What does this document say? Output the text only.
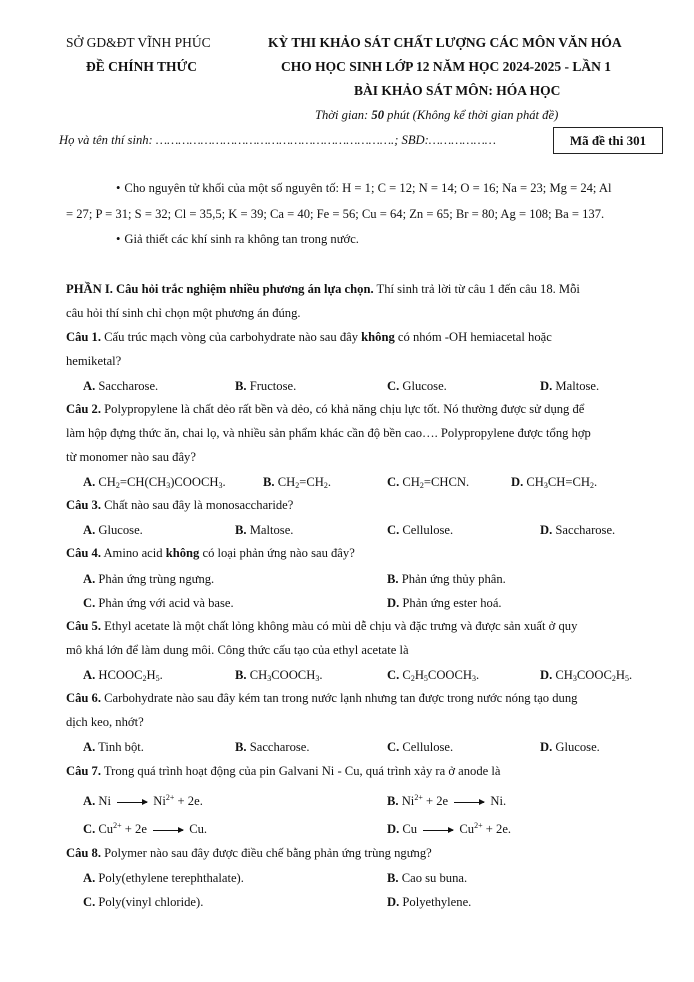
SỞ GD&ĐT VĨNH PHÚC
ĐỀ CHÍNH THỨC
KỲ THI KHẢO SÁT CHẤT LƯỢNG CÁC MÔN VĂN HÓA
CHO HỌC SINH LỚP 12 NĂM HỌC 2024-2025 - LẦN 1
BÀI KHẢO SÁT MÔN: HÓA HỌC
Thời gian: 50 phút (Không kể thời gian phát đề)
Họ và tên thí sinh: ……………………………………………………….; SBD:………………	Mã đề thi 301
• Cho nguyên tử khối của một số nguyên tố: H = 1; C = 12; N = 14; O = 16; Na = 23; Mg = 24; Al
= 27; P = 31; S = 32; Cl = 35,5; K = 39; Ca = 40; Fe = 56; Cu = 64; Zn = 65; Br = 80; Ag = 108; Ba = 137.
• Giả thiết các khí sinh ra không tan trong nước.
PHẦN I. Câu hỏi trắc nghiệm nhiều phương án lựa chọn. Thí sinh trả lời từ câu 1 đến câu 18. Mỗi
câu hỏi thí sinh chỉ chọn một phương án đúng.
Câu 1. Cấu trúc mạch vòng của carbohydrate nào sau đây không có nhóm -OH hemiacetal hoặc
hemiketal?
A. Saccharose.	B. Fructose.	C. Glucose.	D. Maltose.
Câu 2. Polypropylene là chất dẻo rất bền và dẻo, có khả năng chịu lực tốt. Nó thường được sử dụng để
làm hộp đựng thức ăn, chai lọ, và nhiều sản phẩm khác cần độ bền cao…. Polypropylene được tổng hợp
từ monomer nào sau đây?
A. $CH_2=CH(CH_3)COOCH_3$.	B. $CH_2=CH_2$.	C. $CH_2=CHCN$.	D. $CH_3CH=CH_2$.
Câu 3. Chất nào sau đây là monosaccharide?
A. Glucose.	B. Maltose.	C. Cellulose.	D. Saccharose.
Câu 4. Amino acid không có loại phản ứng nào sau đây?
A. Phản ứng trùng ngưng.	B. Phản ứng thủy phân.
C. Phản ứng với acid và base.	D. Phản ứng ester hoá.
Câu 5. Ethyl acetate là một chất lỏng không màu có mùi dễ chịu và đặc trưng và được sản xuất ở quy
mô khá lớn để làm dung môi. Công thức cấu tạo của ethyl acetate là
A. $HCOOC_2H_5$.	B. $CH_3COOCH_3$.	C. $C_2H_5COOCH_3$.	D. $CH_3COOC_2H_5$.
Câu 6. Carbohydrate nào sau đây kém tan trong nước lạnh nhưng tan được trong nước nóng tạo dung
dịch keo, nhớt?
A. Tinh bột.	B. Saccharose.	C. Cellulose.	D. Glucose.
Câu 7. Trong quá trình hoạt động của pin Galvani Ni - Cu, quá trình xảy ra ở anode là
A. $Ni \to Ni^{2+} + 2e$.	B. $Ni^{2+} + 2e \to Ni$.
C. $Cu^{2+} + 2e \to Cu$.	D. $Cu \to Cu^{2+} + 2e$.
Câu 8. Polymer nào sau đây được điều chế bằng phản ứng trùng ngưng?
A. Poly(ethylene terephthalate).	B. Cao su buna.
C. Poly(vinyl chloride).	D. Polyethylene.
